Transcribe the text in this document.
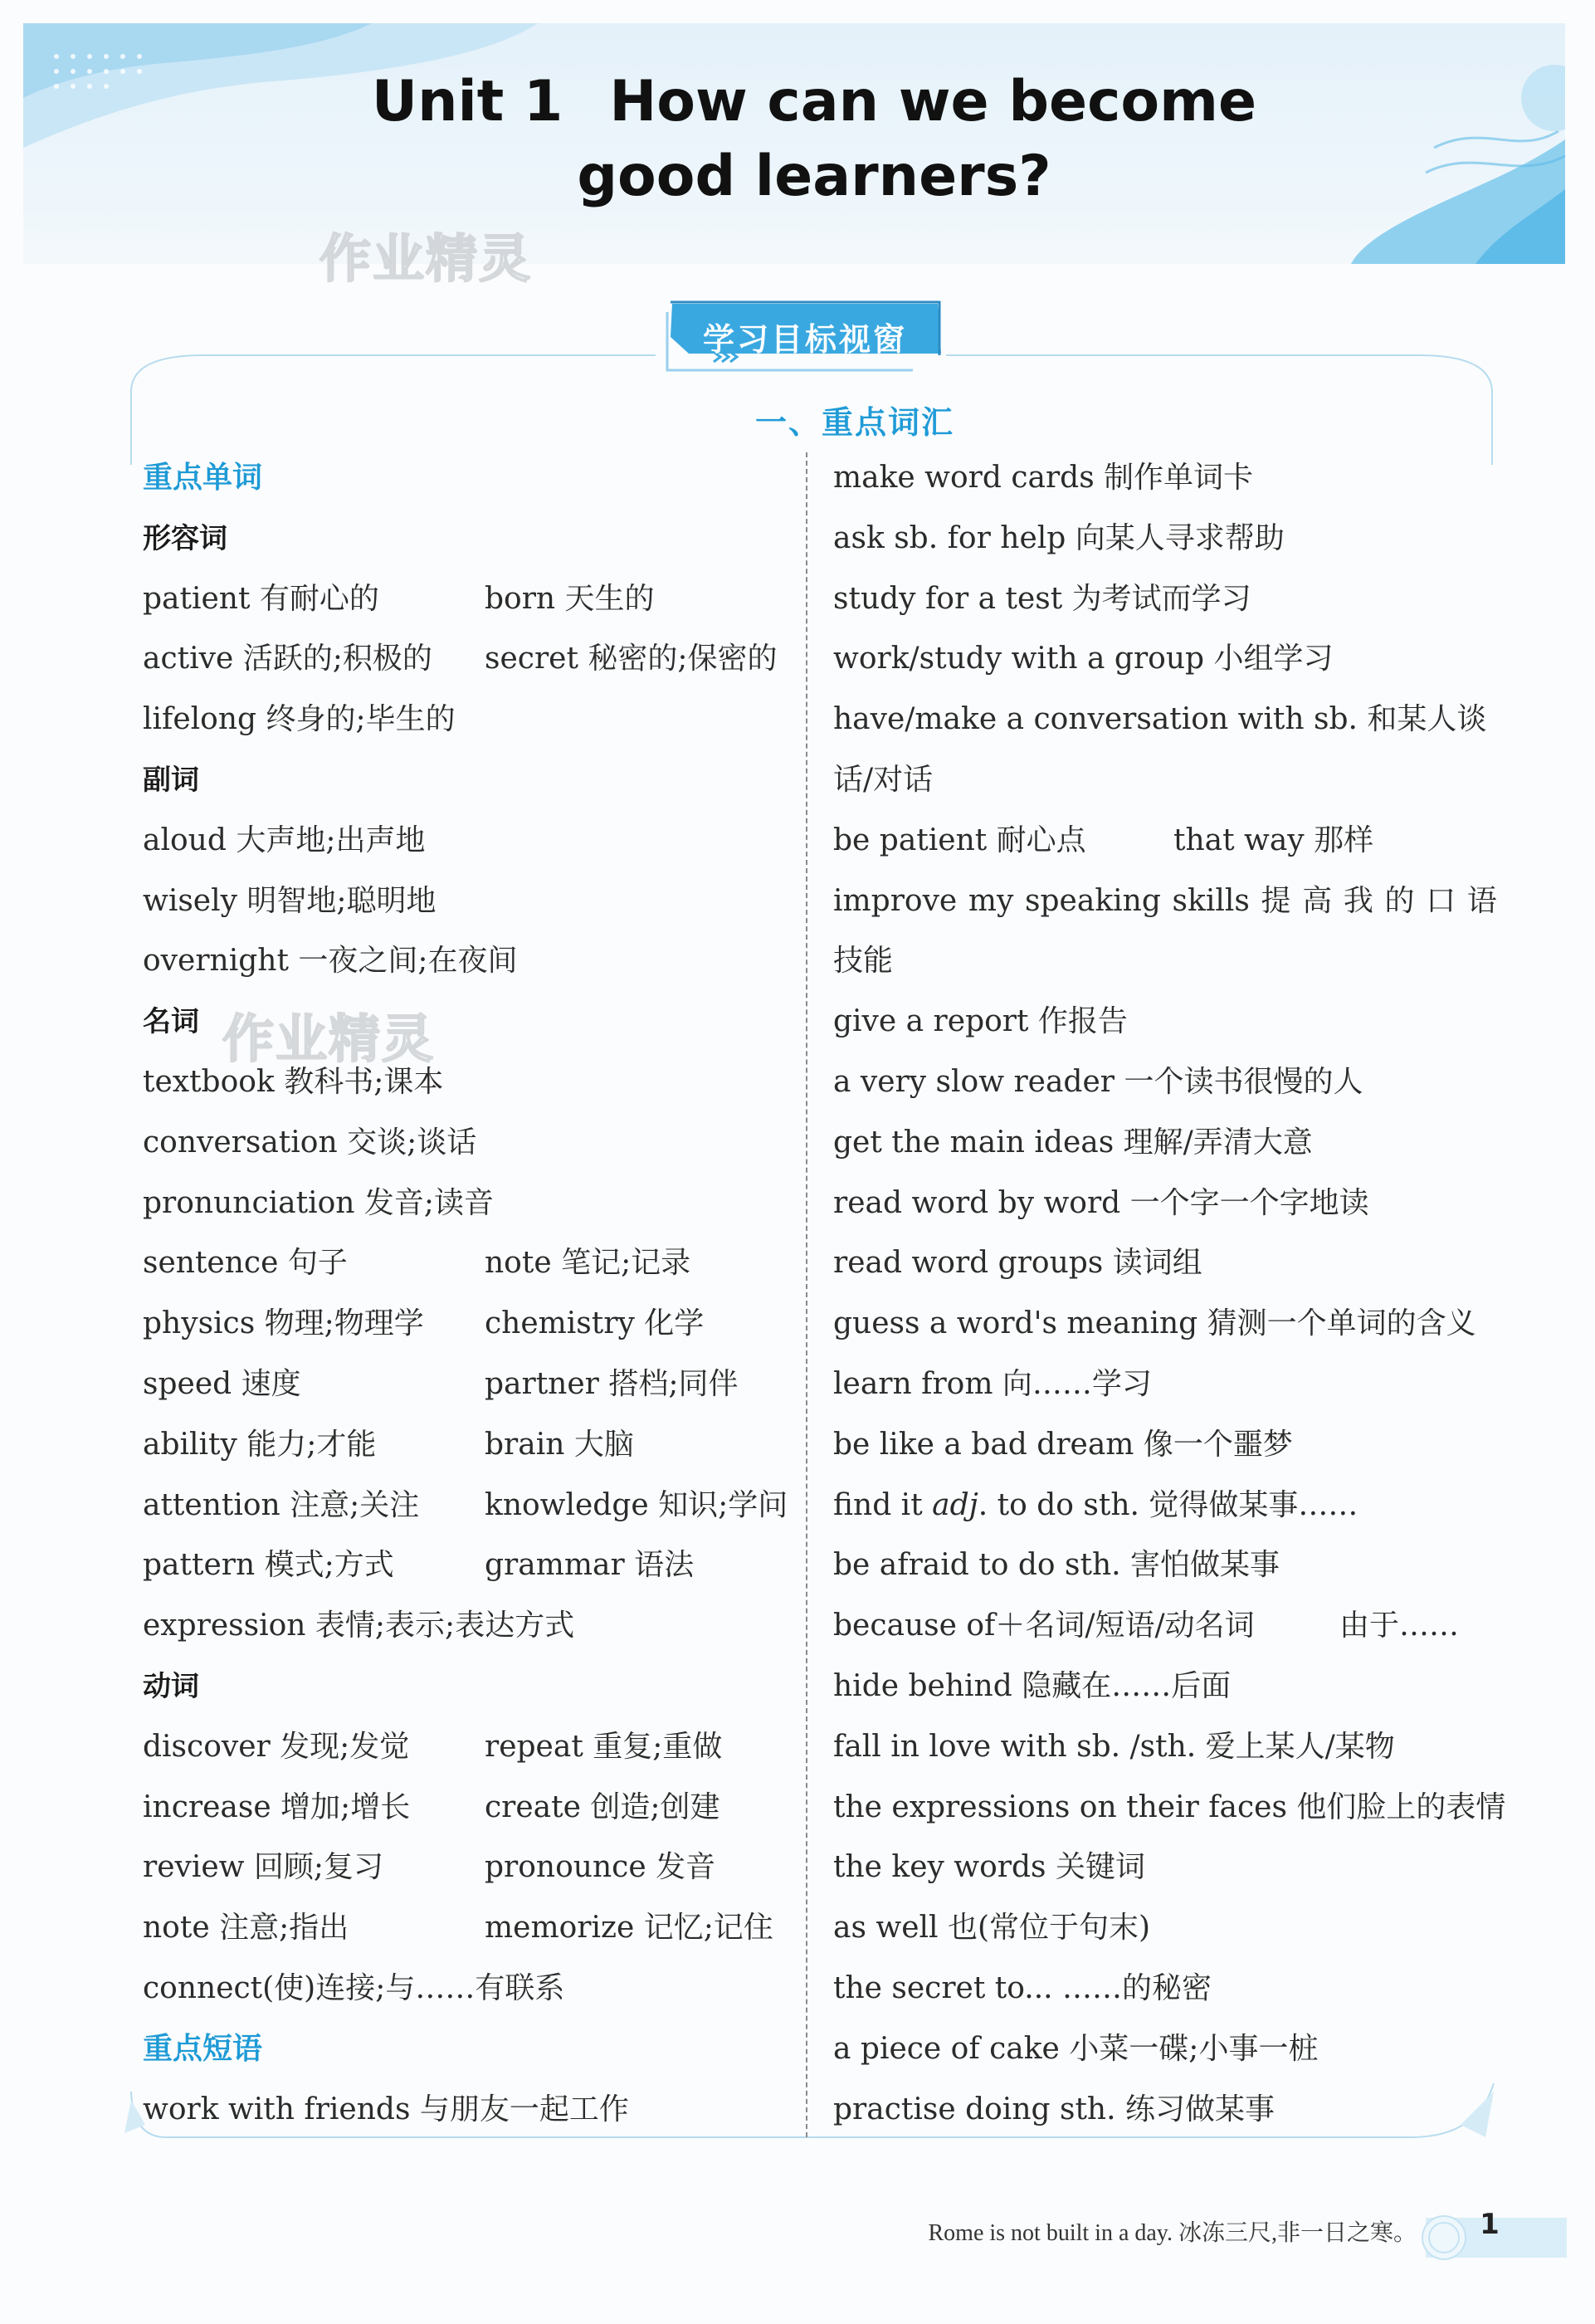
Unit 1 How can we become
good learners?
作业精灵
作业精灵
学习目标视窗
一、重点词汇
重点单词
形容词
patient 有耐心的	born 天生的
active 活跃的;积极的 secret 秘密的;保密的
lifelong 终身的;毕生的
副词
aloud 大声地;出声地
wisely 明智地;聪明地
overnight 一夜之间;在夜间
名词
textbook 教科书;课本
conversation 交谈;谈话
pronunciation 发音;读音
sentence 句子	note 笔记;记录
physics 物理;物理学 chemistry 化学
speed 速度	partner 搭档;同伴
ability 能力;才能	brain 大脑
attention 注意;关注 knowledge 知识;学问
pattern 模式;方式	grammar 语法
expression 表情;表示;表达方式
动词
discover 发现;发觉	repeat 重复;重做
increase 增加;增长 create 创造;创建
review 回顾;复习	pronounce 发音
note 注意;指出	memorize 记忆;记住
connect(使)连接;与……有联系
重点短语
work with friends 与朋友一起工作
make word cards 制作单词卡
ask sb. for help 向某人寻求帮助
study for a test 为考试而学习
work/study with a group 小组学习
have/make a conversation with sb. 和某人谈
话/对话
be patient 耐心点	that way 那样
improve my speaking skills 提 高 我 的 口 语
技能
give a report 作报告
a very slow reader 一个读书很慢的人
get the main ideas 理解/弄清大意
read word by word 一个字一个字地读
read word groups 读词组
guess a word's meaning 猜测一个单词的含义
learn from 向……学习
be like a bad dream 像一个噩梦
find it adj. to do sth. 觉得做某事……
be afraid to do sth. 害怕做某事
because of＋名词/短语/动名词	由于……
hide behind 隐藏在……后面
fall in love with sb. /sth. 爱上某人/某物
the expressions on their faces 他们脸上的表情
the key words 关键词
as well 也(常位于句末)
the secret to... ……的秘密
a piece of cake 小菜一碟;小事一桩
practise doing sth. 练习做某事
Rome is not built in a day. 冰冻三尺,非一日之寒。	1
